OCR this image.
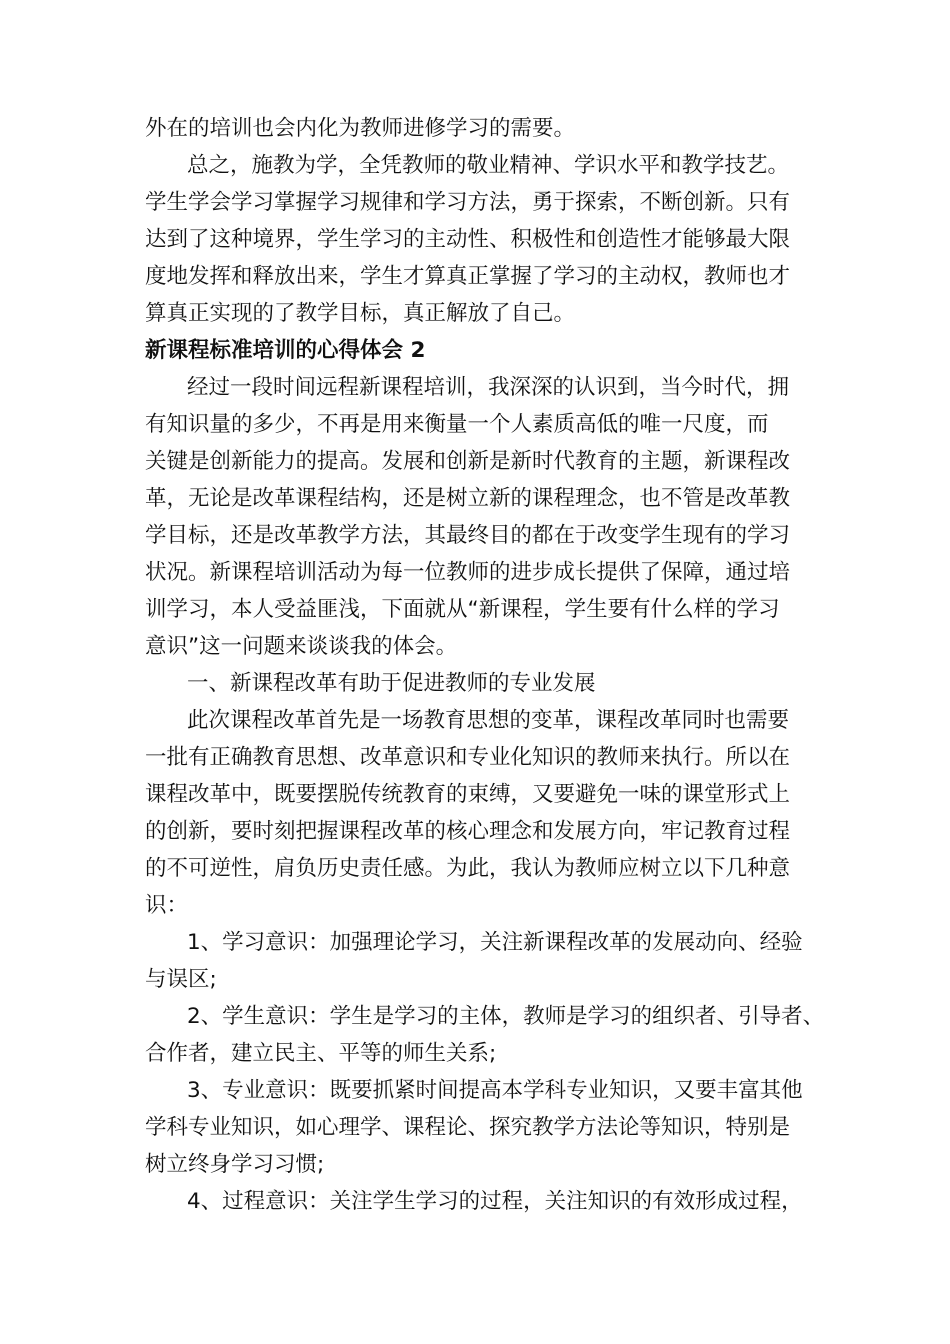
外在的培训也会内化为教师进修学习的需要。
总之，施教为学，全凭教师的敬业精神、学识水平和教学技艺。
学生学会学习掌握学习规律和学习方法，勇于探索，不断创新。只有
达到了这种境界，学生学习的主动性、积极性和创造性才能够最大限
度地发挥和释放出来，学生才算真正掌握了学习的主动权，教师也才
算真正实现的了教学目标，真正解放了自己。
新课程标准培训的心得体会 2
经过一段时间远程新课程培训，我深深的认识到，当今时代，拥
有知识量的多少，不再是用来衡量一个人素质高低的唯一尺度，而
关键是创新能力的提高。发展和创新是新时代教育的主题，新课程改
革，无论是改革课程结构，还是树立新的课程理念，也不管是改革教
学目标，还是改革教学方法，其最终目的都在于改变学生现有的学习
状况。新课程培训活动为每一位教师的进步成长提供了保障，通过培
训学习，本人受益匪浅，下面就从“新课程，学生要有什么样的学习
意识”这一问题来谈谈我的体会。
一、新课程改革有助于促进教师的专业发展
此次课程改革首先是一场教育思想的变革，课程改革同时也需要
一批有正确教育思想、改革意识和专业化知识的教师来执行。所以在
课程改革中，既要摆脱传统教育的束缚，又要避免一味的课堂形式上
的创新，要时刻把握课程改革的核心理念和发展方向，牢记教育过程
的不可逆性，肩负历史责任感。为此，我认为教师应树立以下几种意
识：
1、学习意识：加强理论学习，关注新课程改革的发展动向、经验
与误区;
2、学生意识：学生是学习的主体，教师是学习的组织者、引导者、
合作者，建立民主、平等的师生关系;
3、专业意识：既要抓紧时间提高本学科专业知识，又要丰富其他
学科专业知识，如心理学、课程论、探究教学方法论等知识，特别是
树立终身学习习惯;
4、过程意识：关注学生学习的过程，关注知识的有效形成过程，
